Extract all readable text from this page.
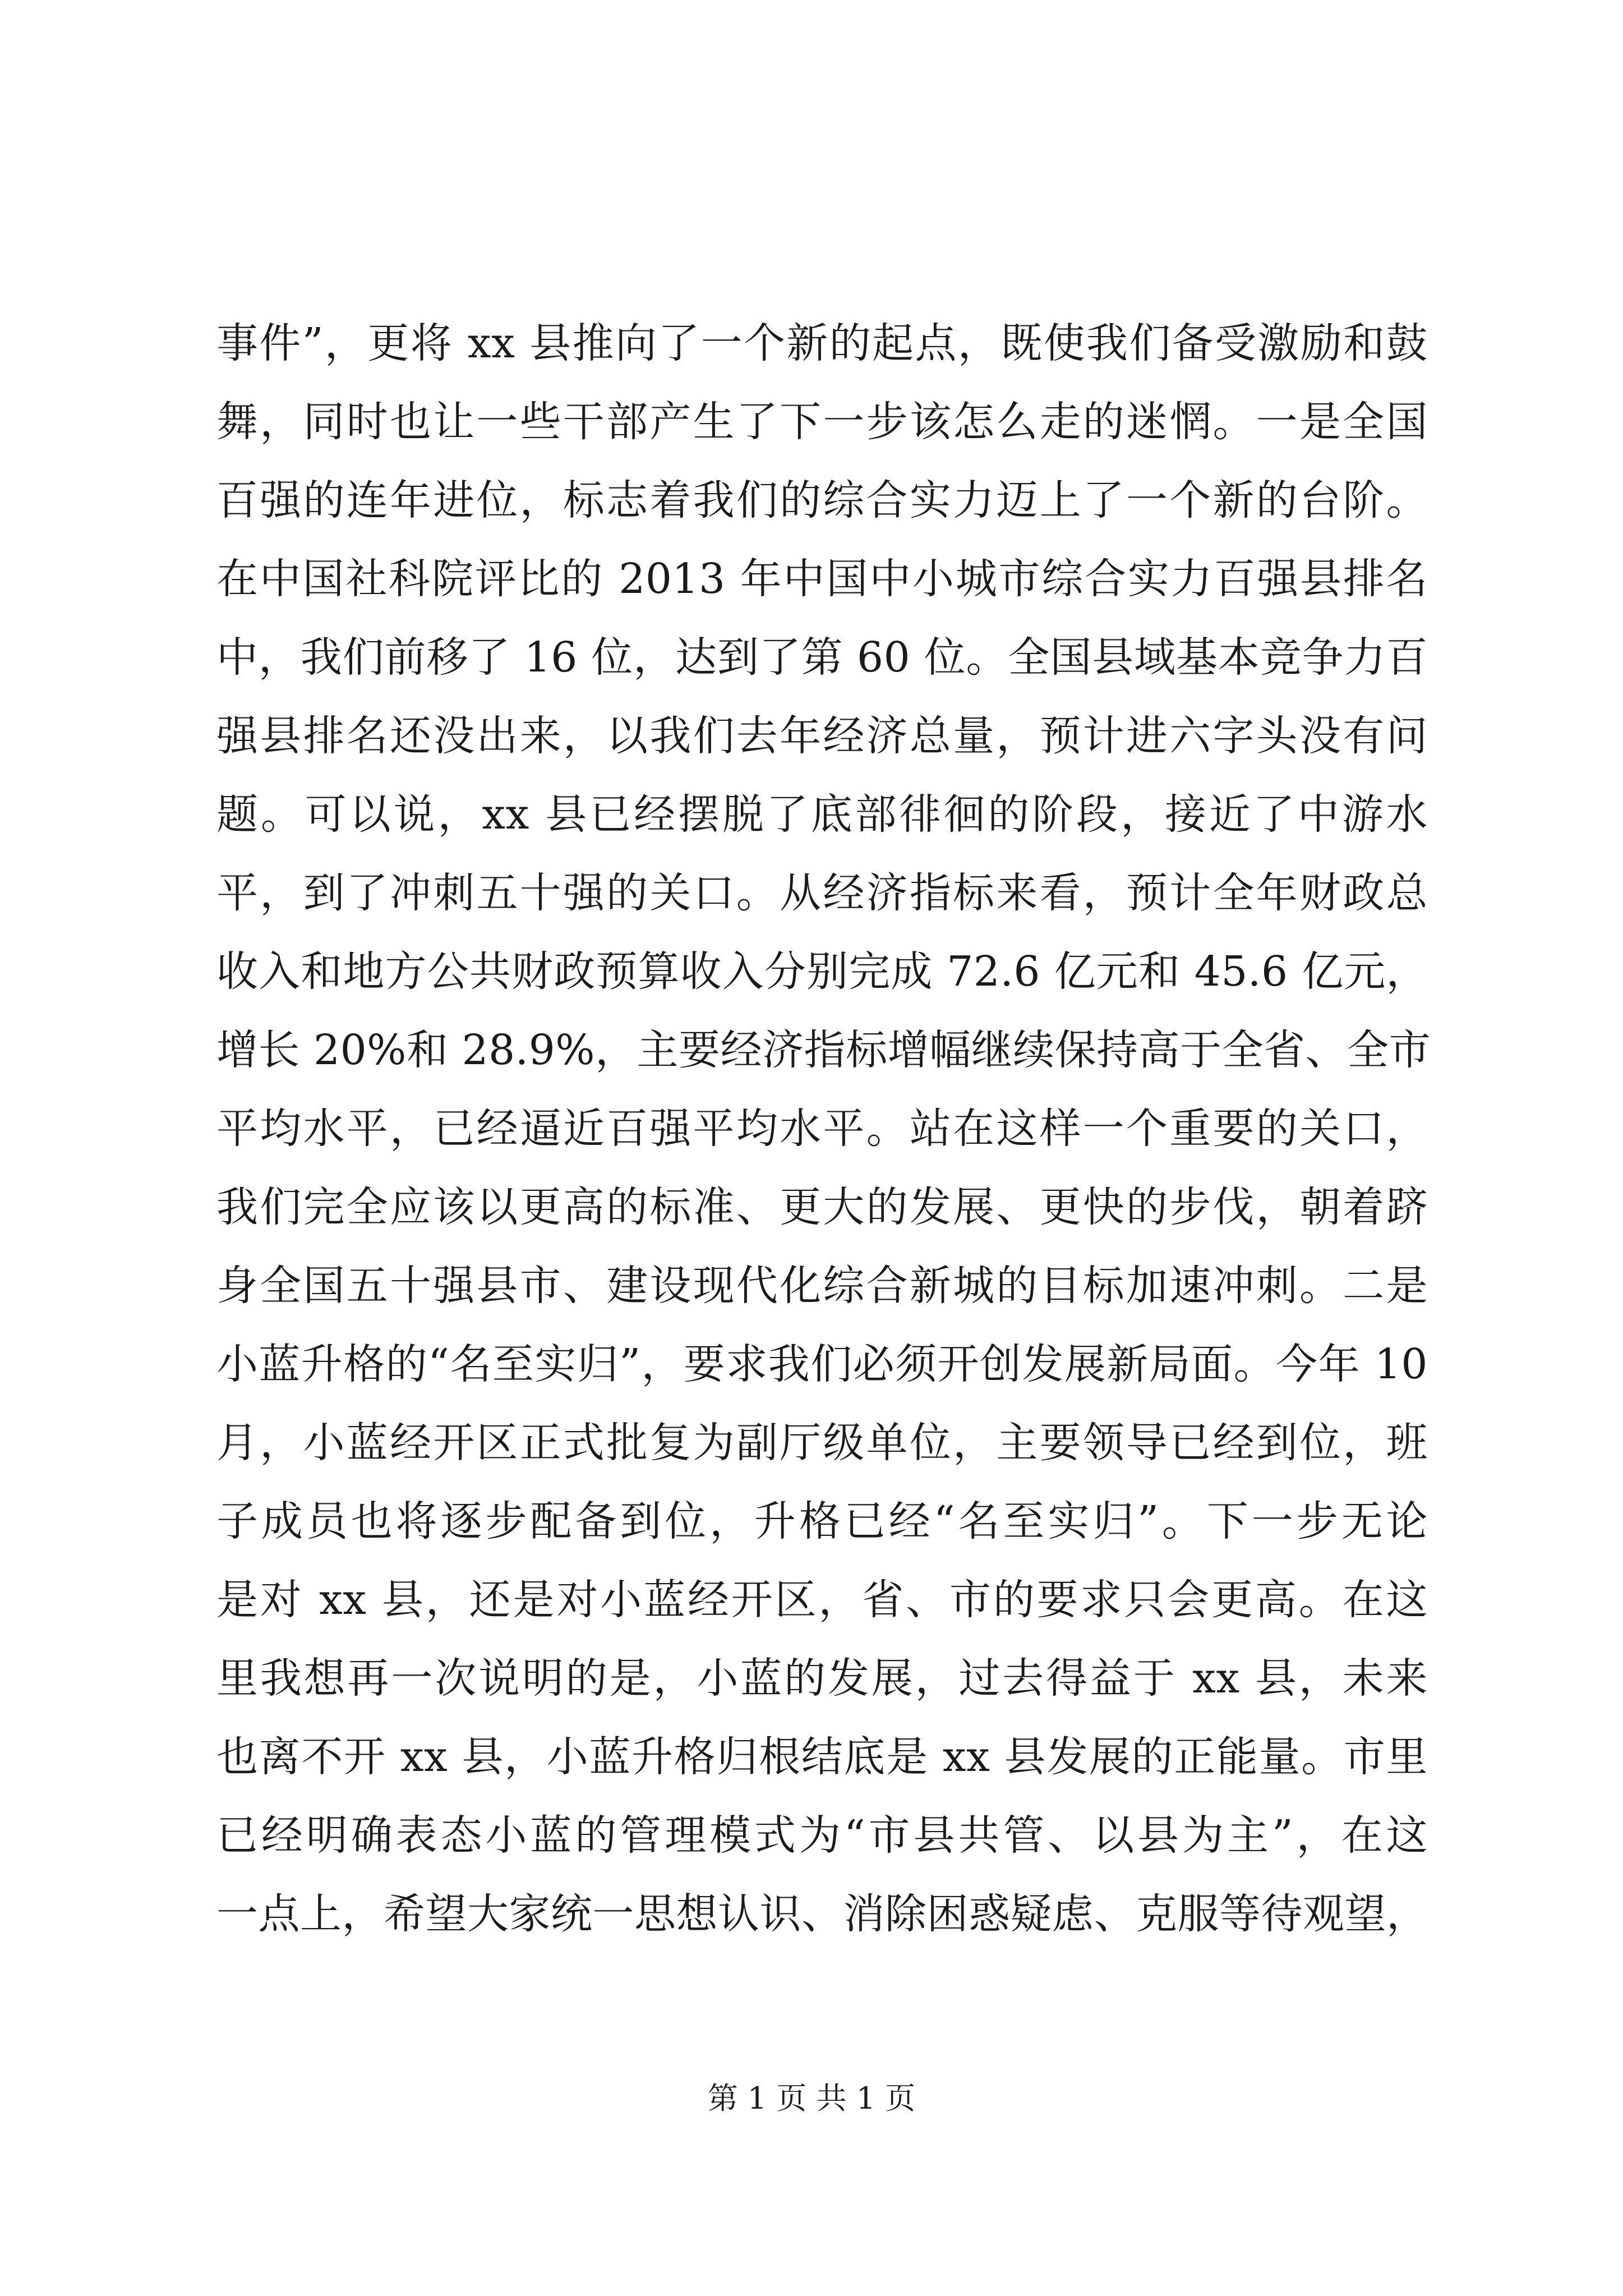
事件”，更将 xx 县推向了一个新的起点，既使我们备受激励和鼓
舞，同时也让一些干部产生了下一步该怎么走的迷惘。一是全国
百强的连年进位，标志着我们的综合实力迈上了一个新的台阶。
在中国社科院评比的 2013 年中国中小城市综合实力百强县排名
中，我们前移了 16 位，达到了第 60 位。全国县域基本竞争力百
强县排名还没出来，以我们去年经济总量，预计进六字头没有问
题。可以说，xx 县已经摆脱了底部徘徊的阶段，接近了中游水
平，到了冲刺五十强的关口。从经济指标来看，预计全年财政总
收入和地方公共财政预算收入分别完成 72.6 亿元和 45.6 亿元，
增长 20%和 28.9%，主要经济指标增幅继续保持高于全省、全市
平均水平，已经逼近百强平均水平。站在这样一个重要的关口，
我们完全应该以更高的标准、更大的发展、更快的步伐，朝着跻
身全国五十强县市、建设现代化综合新城的目标加速冲刺。二是
小蓝升格的“名至实归”，要求我们必须开创发展新局面。今年 10
月，小蓝经开区正式批复为副厅级单位，主要领导已经到位，班
子成员也将逐步配备到位，升格已经“名至实归”。下一步无论
是对 xx 县，还是对小蓝经开区，省、市的要求只会更高。在这
里我想再一次说明的是，小蓝的发展，过去得益于 xx 县，未来
也离不开 xx 县，小蓝升格归根结底是 xx 县发展的正能量。市里
已经明确表态小蓝的管理模式为“市县共管、以县为主”，在这
一点上，希望大家统一思想认识、消除困惑疑虑、克服等待观望，
第 1 页 共 1 页
